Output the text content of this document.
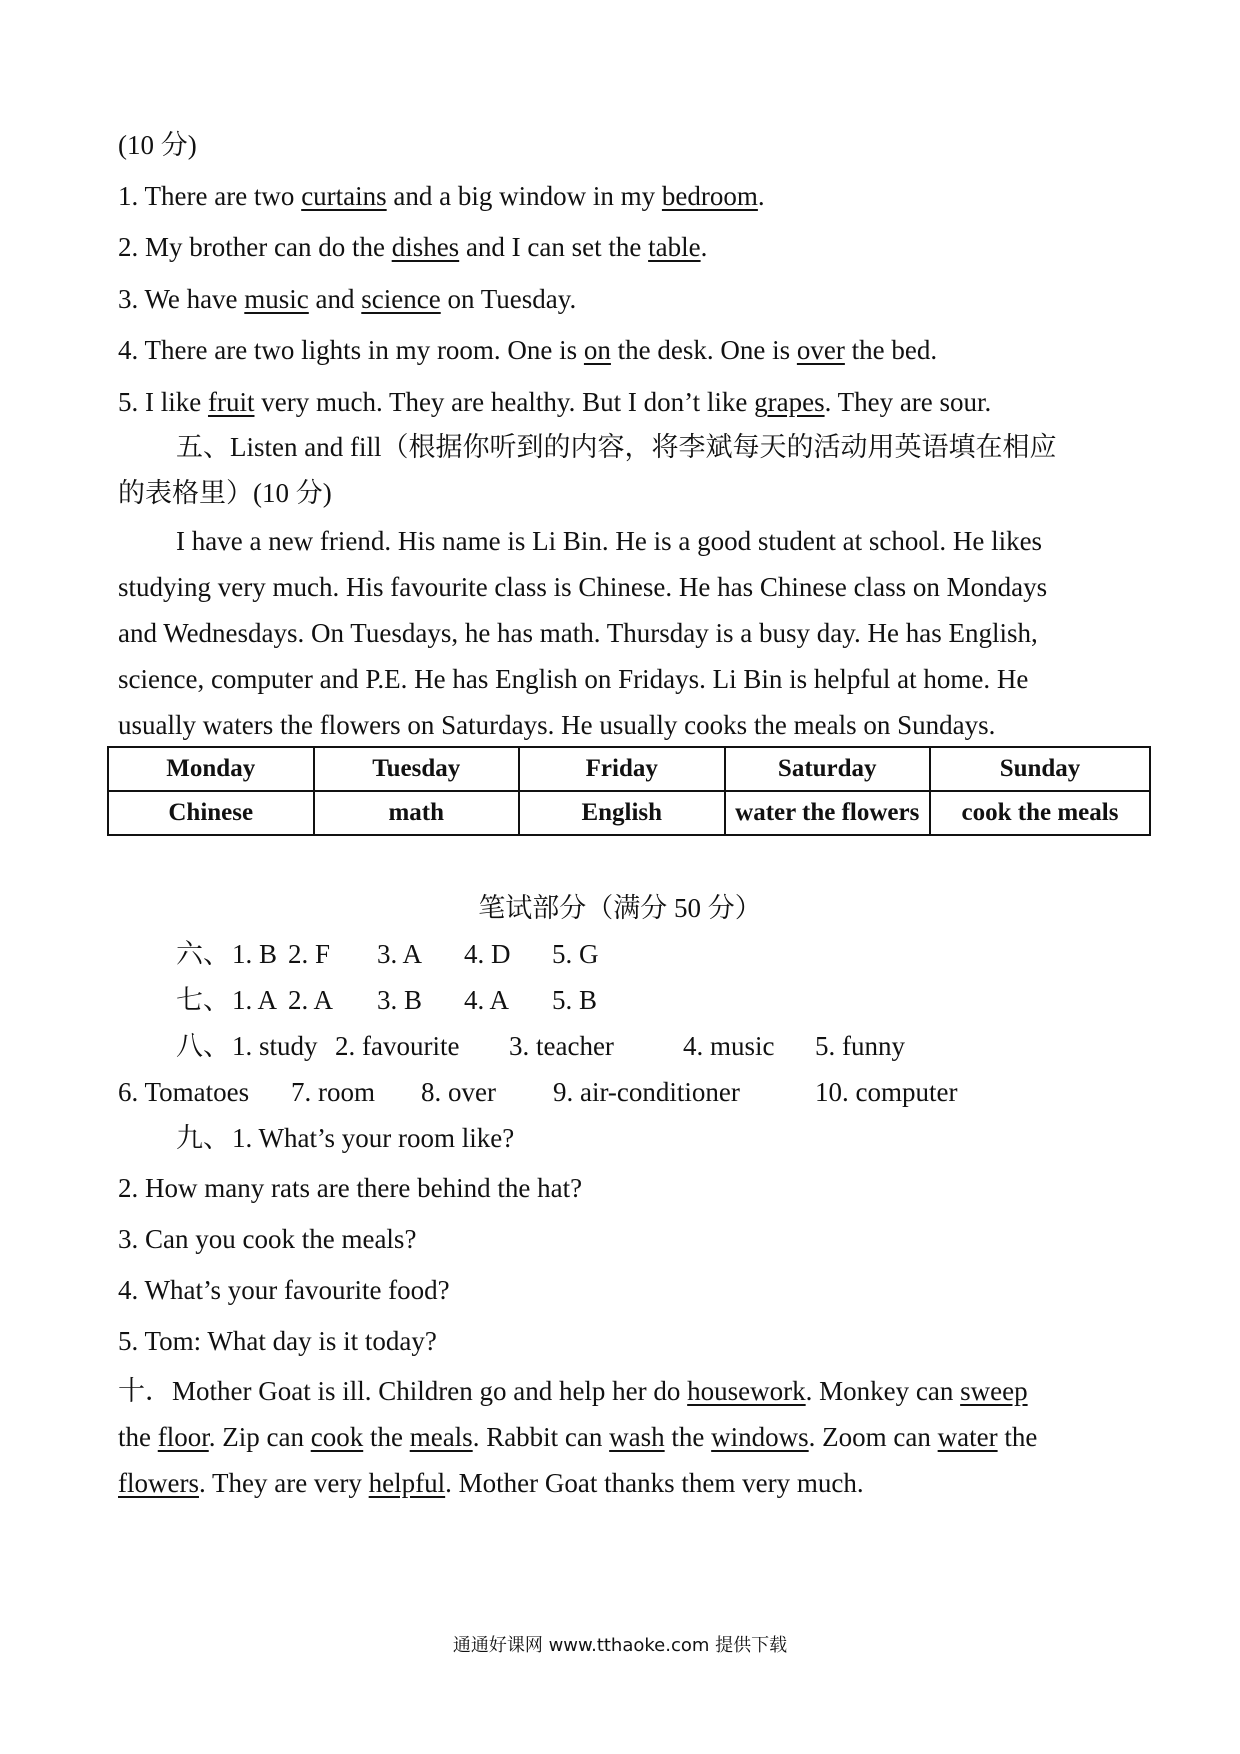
(10 分)
1. There are two curtains and a big window in my bedroom.
2. My brother can do the dishes and I can set the table.
3. We have music and science on Tuesday.
4. There are two lights in my room. One is on the desk. One is over the bed.
5. I like fruit very much. They are healthy. But I don’t like grapes. They are sour.
五、Listen and fill（根据你听到的内容，将李斌每天的活动用英语填在相应
的表格里）(10 分)
I have a new friend. His name is Li Bin. He is a good student at school. He likes
studying very much. His favourite class is Chinese. He has Chinese class on Mondays
and Wednesdays. On Tuesdays, he has math. Thursday is a busy day. He has English,
science, computer and P.E. He has English on Fridays. Li Bin is helpful at home. He
usually waters the flowers on Saturdays. He usually cooks the meals on Sundays.
Monday	Tuesday	Friday	Saturday	Sunday
Chinese	math	English	water the flowers	cook the meals
笔试部分（满分 50 分）
六、 1. B 2. F 3. A 4. D 5. G
七、 1. A 2. A 3. B 4. A 5. B
八、 1. study 2. favourite 3. teacher	4. music 5. funny
6. Tomatoes 7. room 8. over 9. air-conditioner	10. computer
九、 1. What’s your room like?
2. How many rats are there behind the hat?
3. Can you cook the meals?
4. What’s your favourite food?
5. Tom: What day is it today?
十．Mother Goat is ill. Children go and help her do housework. Monkey can sweep
the floor. Zip can cook the meals. Rabbit can wash the windows. Zoom can water the
flowers. They are very helpful. Mother Goat thanks them very much.
通通好课网 www.tthaoke.com 提供下载
